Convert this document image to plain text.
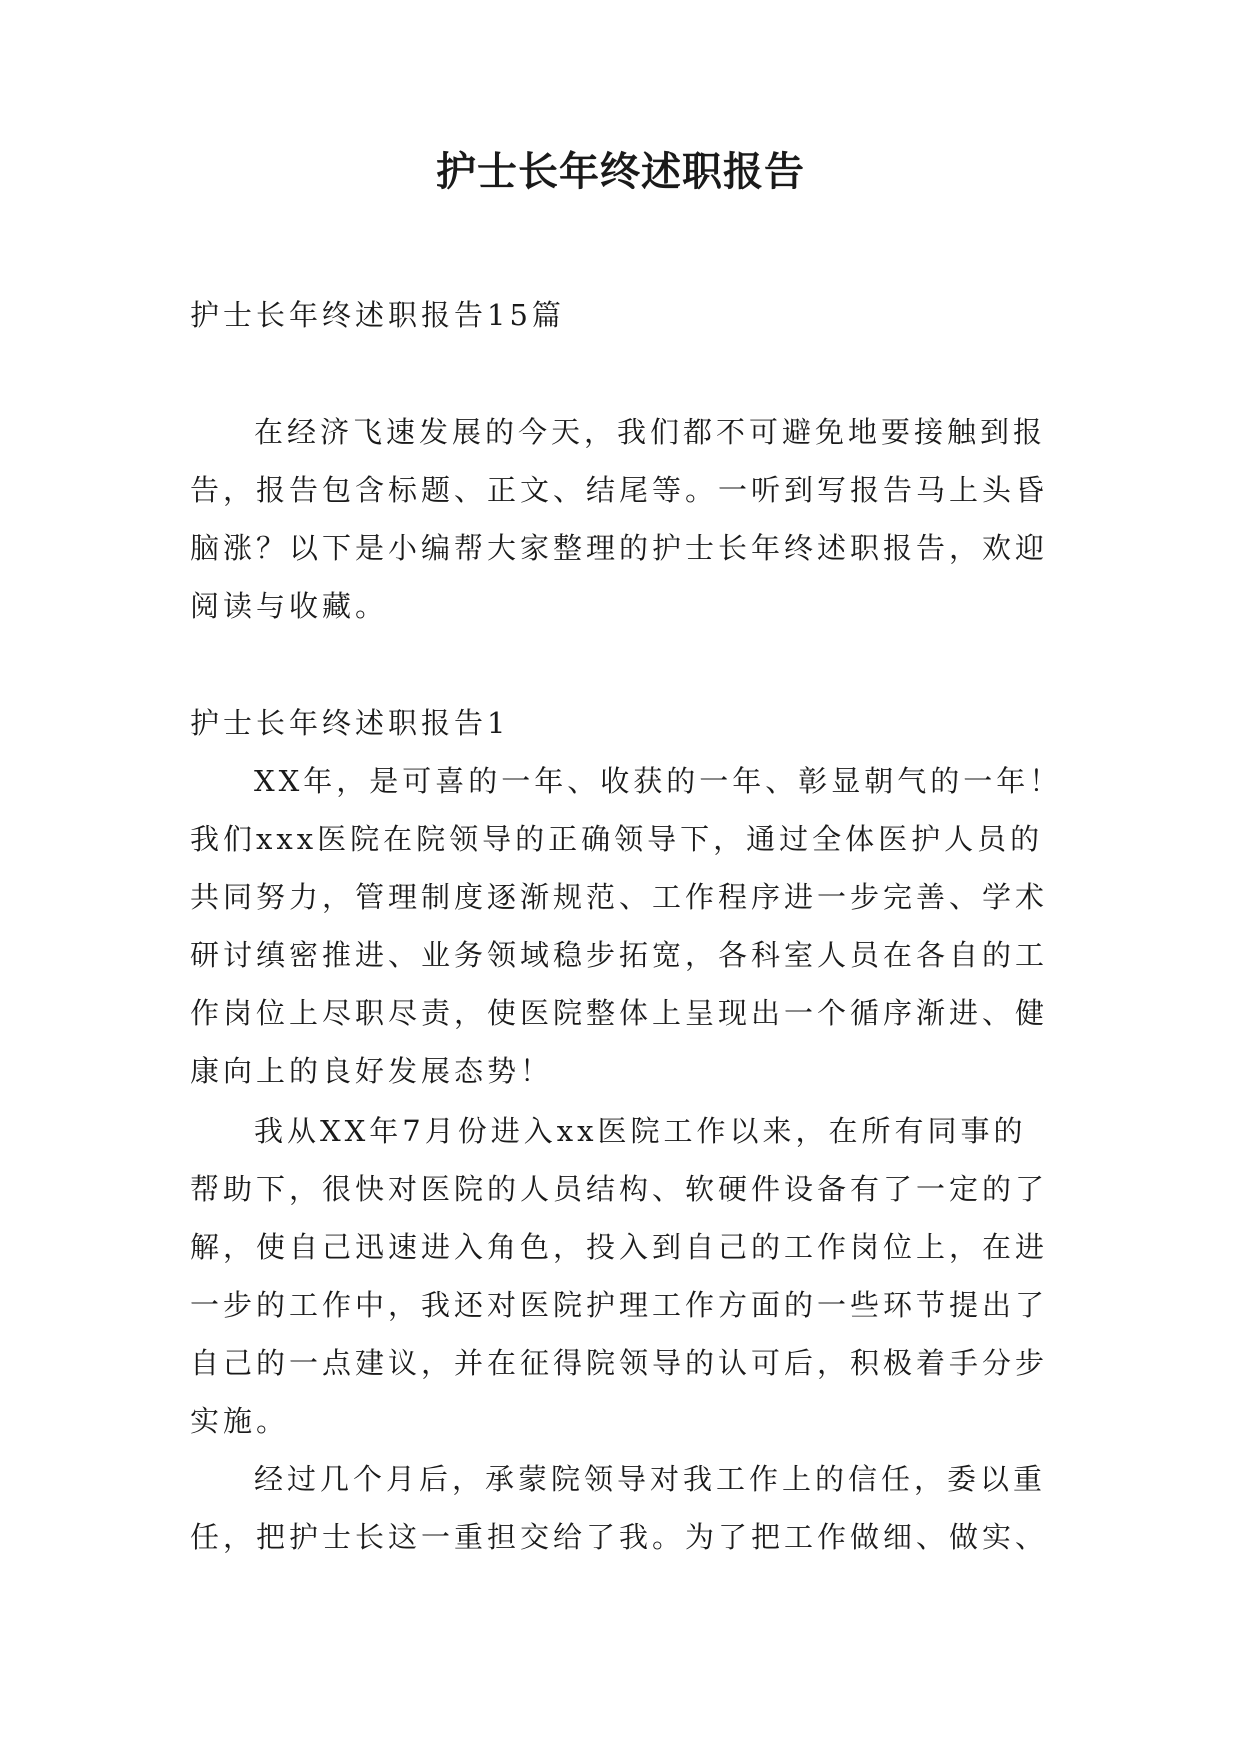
护士长年终述职报告

护士长年终述职报告15篇

在经济飞速发展的今天，我们都不可避免地要接触到报
告，报告包含标题、正文、结尾等。一听到写报告马上头昏
脑涨？以下是小编帮大家整理的护士长年终述职报告，欢迎
阅读与收藏。

护士长年终述职报告1

XX年，是可喜的一年、收获的一年、彰显朝气的一年！
我们xxx医院在院领导的正确领导下，通过全体医护人员的
共同努力，管理制度逐渐规范、工作程序进一步完善、学术
研讨缜密推进、业务领域稳步拓宽，各科室人员在各自的工
作岗位上尽职尽责，使医院整体上呈现出一个循序渐进、健
康向上的良好发展态势！
我从XX年7月份进入xx医院工作以来，在所有同事的
帮助下，很快对医院的人员结构、软硬件设备有了一定的了
解，使自己迅速进入角色，投入到自己的工作岗位上，在进
一步的工作中，我还对医院护理工作方面的一些环节提出了
自己的一点建议，并在征得院领导的认可后，积极着手分步
实施。
经过几个月后，承蒙院领导对我工作上的信任，委以重
任，把护士长这一重担交给了我。为了把工作做细、做实、
